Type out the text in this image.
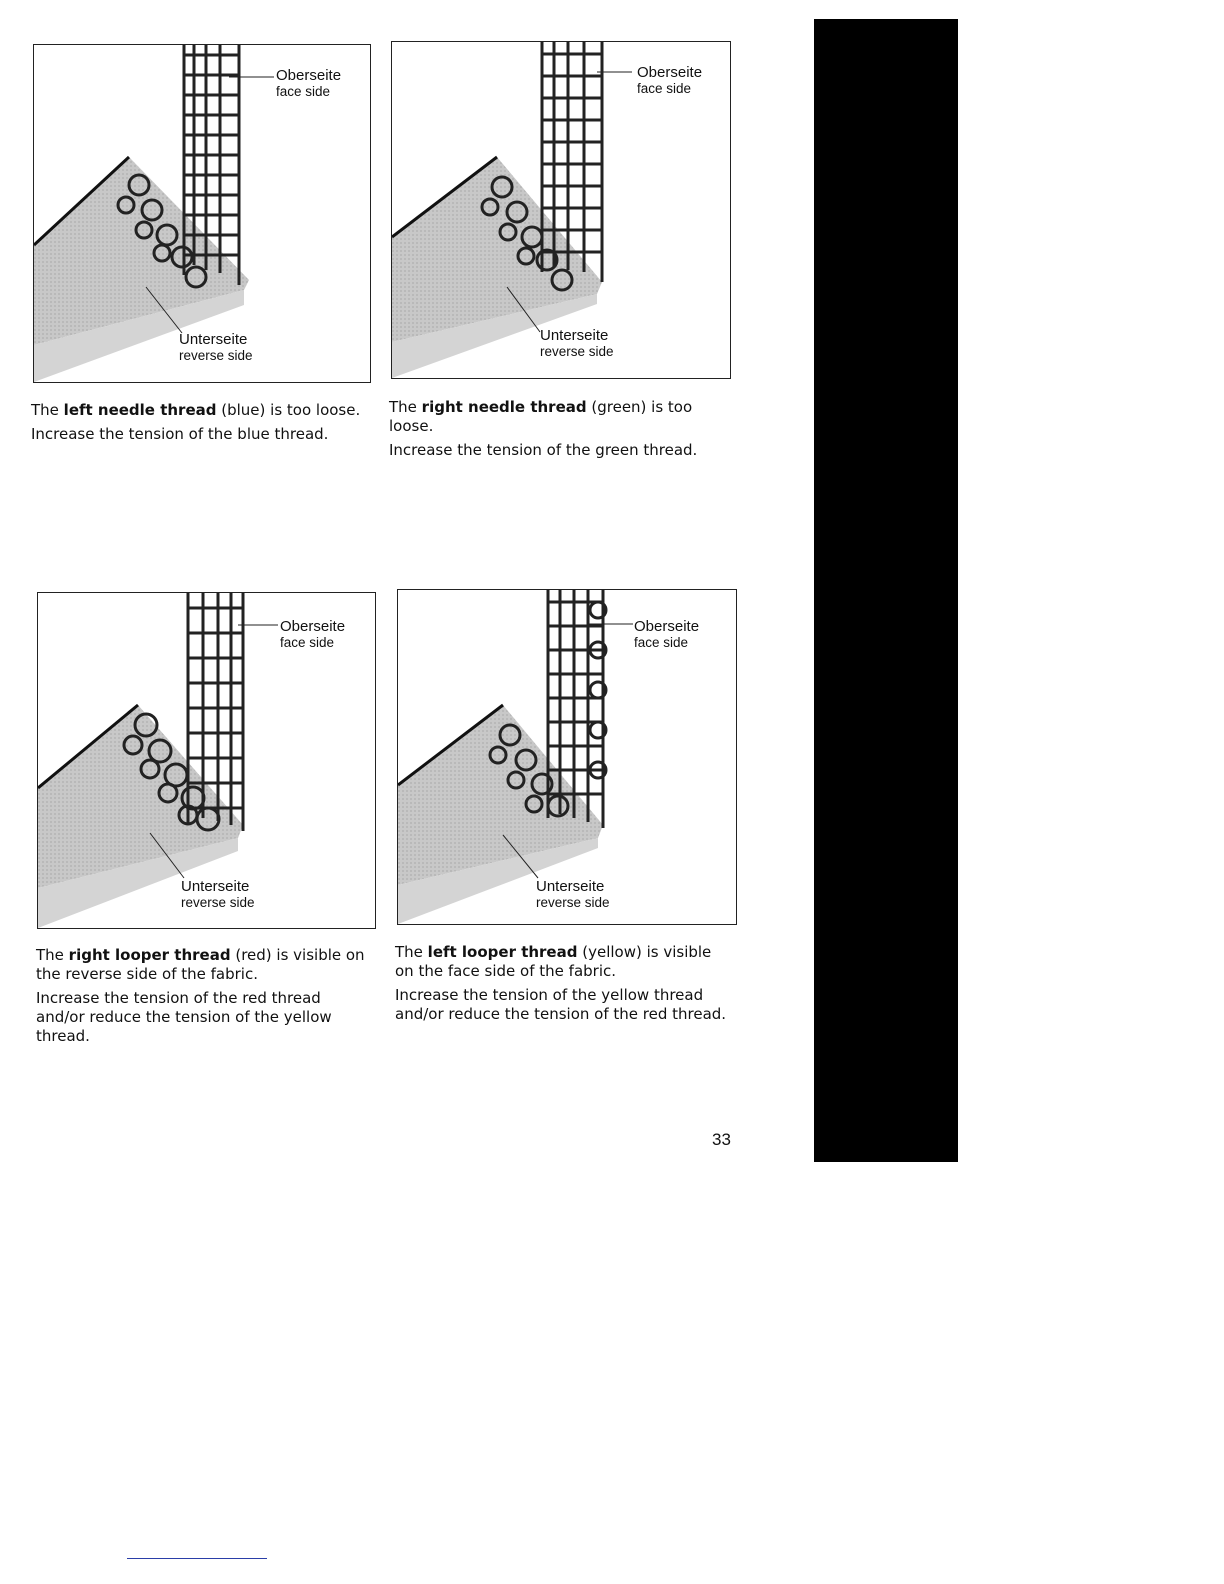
Oberseite
face side
Unterseite
reverse side

The left needle thread (blue) is too loose.

Increase the tension of the blue thread.

Oberseite
face side
Unterseite
reverse side

The right needle thread (green) is too loose.

Increase the tension of the green thread.

Oberseite
face side
Unterseite
reverse side

The right looper thread (red) is visible on the reverse side of the fabric.

Increase the tension of the red thread and/or reduce the tension of the yellow thread.

Oberseite
face side
Unterseite
reverse side

The left looper thread (yellow) is visible on the face side of the fabric.

Increase the tension of the yellow thread and/or reduce the tension of the red thread.

33
